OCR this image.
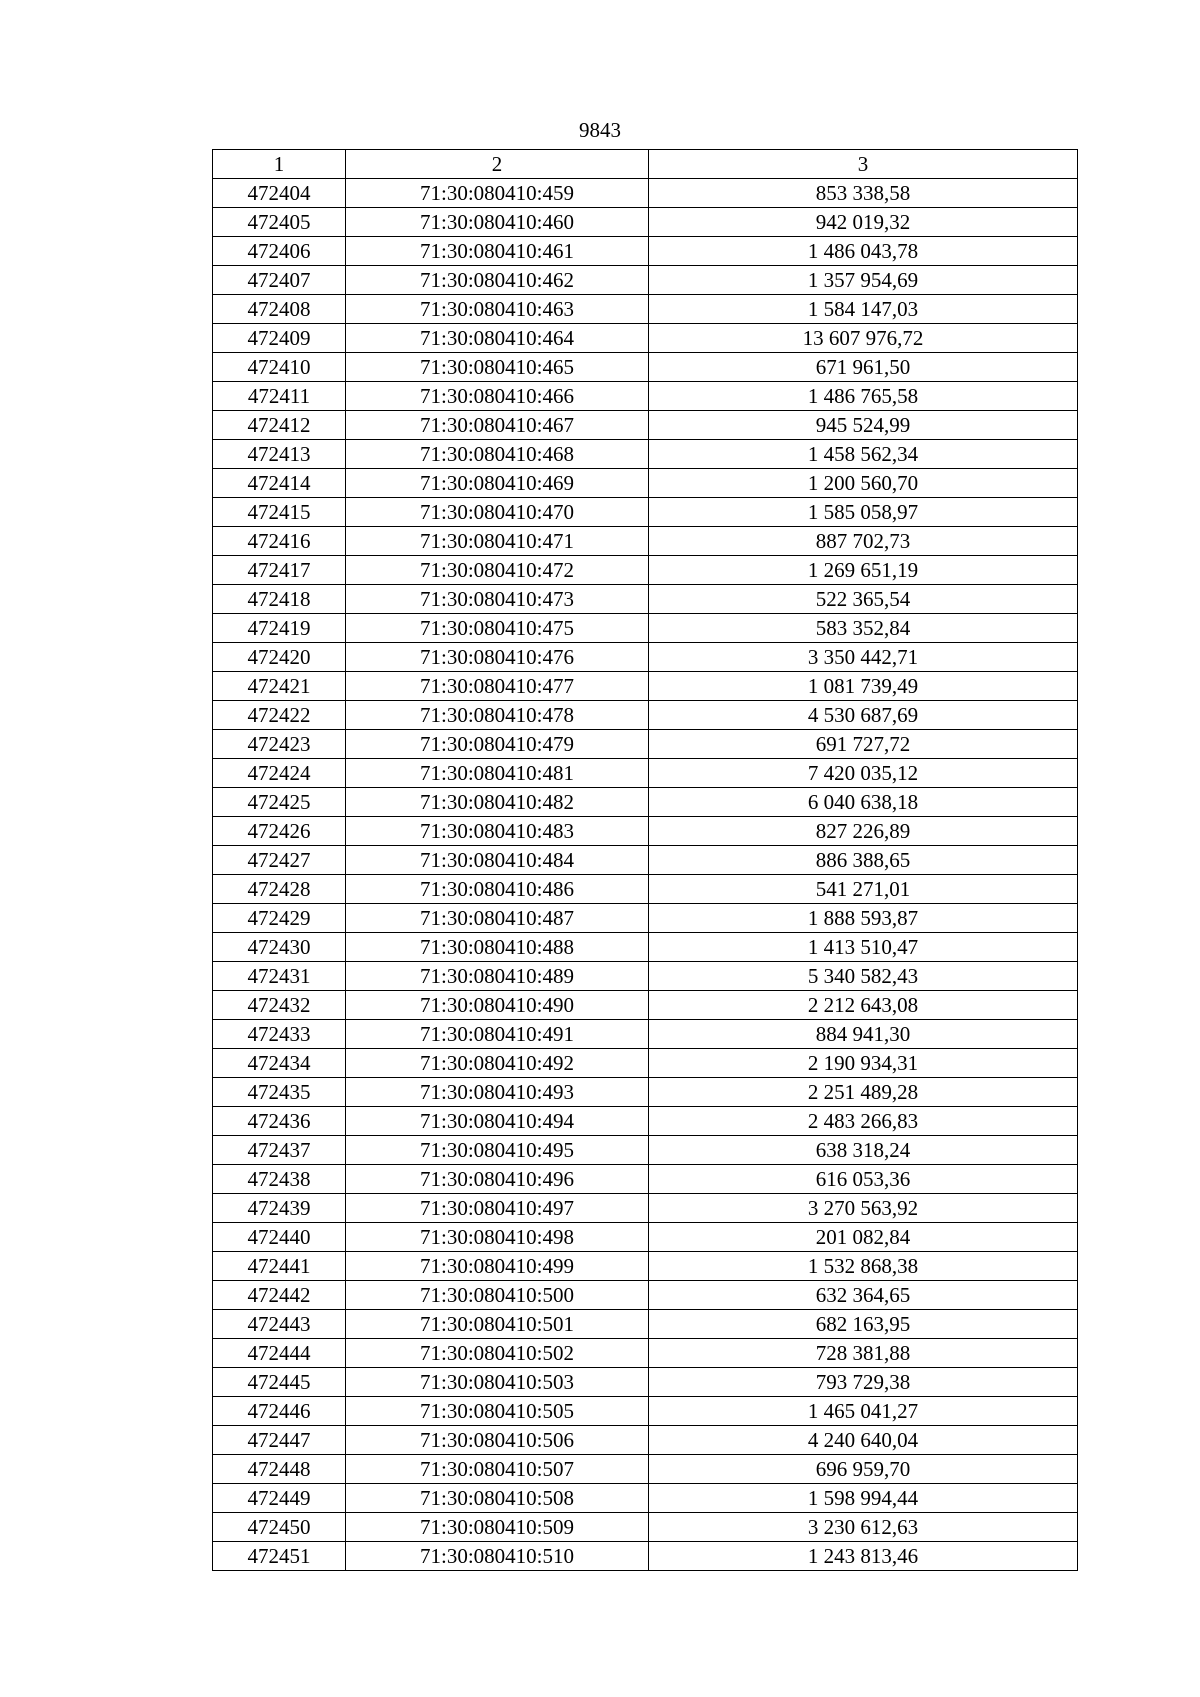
9843
1	2	3
472404	71:30:080410:459	853 338,58
472405	71:30:080410:460	942 019,32
472406	71:30:080410:461	1 486 043,78
472407	71:30:080410:462	1 357 954,69
472408	71:30:080410:463	1 584 147,03
472409	71:30:080410:464	13 607 976,72
472410	71:30:080410:465	671 961,50
472411	71:30:080410:466	1 486 765,58
472412	71:30:080410:467	945 524,99
472413	71:30:080410:468	1 458 562,34
472414	71:30:080410:469	1 200 560,70
472415	71:30:080410:470	1 585 058,97
472416	71:30:080410:471	887 702,73
472417	71:30:080410:472	1 269 651,19
472418	71:30:080410:473	522 365,54
472419	71:30:080410:475	583 352,84
472420	71:30:080410:476	3 350 442,71
472421	71:30:080410:477	1 081 739,49
472422	71:30:080410:478	4 530 687,69
472423	71:30:080410:479	691 727,72
472424	71:30:080410:481	7 420 035,12
472425	71:30:080410:482	6 040 638,18
472426	71:30:080410:483	827 226,89
472427	71:30:080410:484	886 388,65
472428	71:30:080410:486	541 271,01
472429	71:30:080410:487	1 888 593,87
472430	71:30:080410:488	1 413 510,47
472431	71:30:080410:489	5 340 582,43
472432	71:30:080410:490	2 212 643,08
472433	71:30:080410:491	884 941,30
472434	71:30:080410:492	2 190 934,31
472435	71:30:080410:493	2 251 489,28
472436	71:30:080410:494	2 483 266,83
472437	71:30:080410:495	638 318,24
472438	71:30:080410:496	616 053,36
472439	71:30:080410:497	3 270 563,92
472440	71:30:080410:498	201 082,84
472441	71:30:080410:499	1 532 868,38
472442	71:30:080410:500	632 364,65
472443	71:30:080410:501	682 163,95
472444	71:30:080410:502	728 381,88
472445	71:30:080410:503	793 729,38
472446	71:30:080410:505	1 465 041,27
472447	71:30:080410:506	4 240 640,04
472448	71:30:080410:507	696 959,70
472449	71:30:080410:508	1 598 994,44
472450	71:30:080410:509	3 230 612,63
472451	71:30:080410:510	1 243 813,46
